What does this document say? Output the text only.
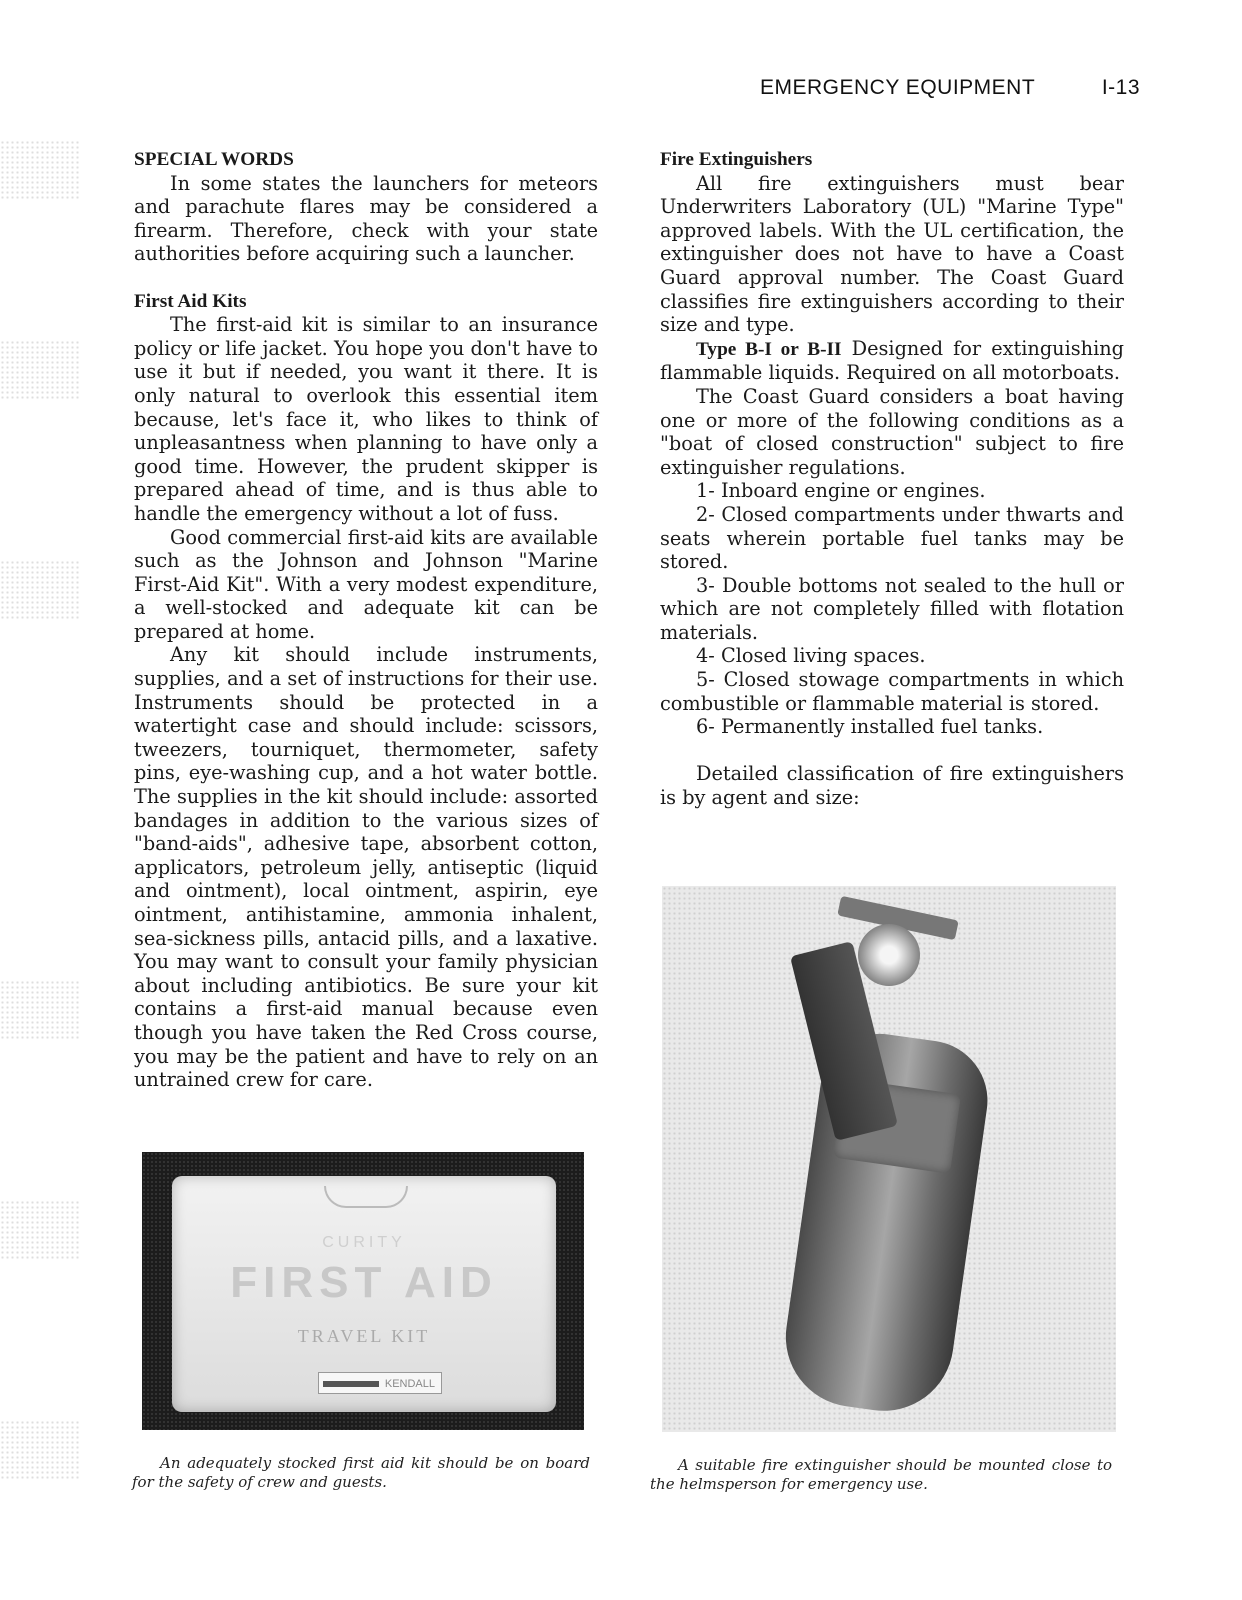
EMERGENCY EQUIPMENT	I-13
SPECIAL WORDS

In some states the launchers for meteors and parachute flares may be considered a firearm. Therefore, check with your state authorities before acquiring such a launcher.

First Aid Kits

The first-aid kit is similar to an insurance policy or life jacket. You hope you don't have to use it but if needed, you want it there. It is only natural to overlook this essential item because, let's face it, who likes to think of unpleasantness when planning to have only a good time. However, the prudent skipper is prepared ahead of time, and is thus able to handle the emergency without a lot of fuss.

Good commercial first-aid kits are available such as the Johnson and Johnson "Marine First-Aid Kit". With a very modest expenditure, a well-stocked and adequate kit can be prepared at home.

Any kit should include instruments, supplies, and a set of instructions for their use. Instruments should be protected in a watertight case and should include: scissors, tweezers, tourniquet, thermometer, safety pins, eye-washing cup, and a hot water bottle. The supplies in the kit should include: assorted bandages in addition to the various sizes of "band-aids", adhesive tape, absorbent cotton, applicators, petroleum jelly, antiseptic (liquid and ointment), local ointment, aspirin, eye ointment, antihistamine, ammonia inhalent, sea-sickness pills, antacid pills, and a laxative. You may want to consult your family physician about including antibiotics. Be sure your kit contains a first-aid manual because even though you have taken the Red Cross course, you may be the patient and have to rely on an untrained crew for care.

Fire Extinguishers

All fire extinguishers must bear Underwriters Laboratory (UL) "Marine Type" approved labels. With the UL certification, the extinguisher does not have to have a Coast Guard approval number. The Coast Guard classifies fire extinguishers according to their size and type.

Type B-I or B-II Designed for extinguishing flammable liquids. Required on all motorboats.

The Coast Guard considers a boat having one or more of the following conditions as a "boat of closed construction" subject to fire extinguisher regulations.

1- Inboard engine or engines.

2- Closed compartments under thwarts and seats wherein portable fuel tanks may be stored.

3- Double bottoms not sealed to the hull or which are not completely filled with flotation materials.

4- Closed living spaces.

5- Closed stowage compartments in which combustible or flammable material is stored.

6- Permanently installed fuel tanks.

Detailed classification of fire extinguishers is by agent and size:

CURITY
FIRST AID
TRAVEL KIT
KENDALL
An adequately stocked first aid kit should be on board for the safety of crew and guests.
A suitable fire extinguisher should be mounted close to the helmsperson for emergency use.
